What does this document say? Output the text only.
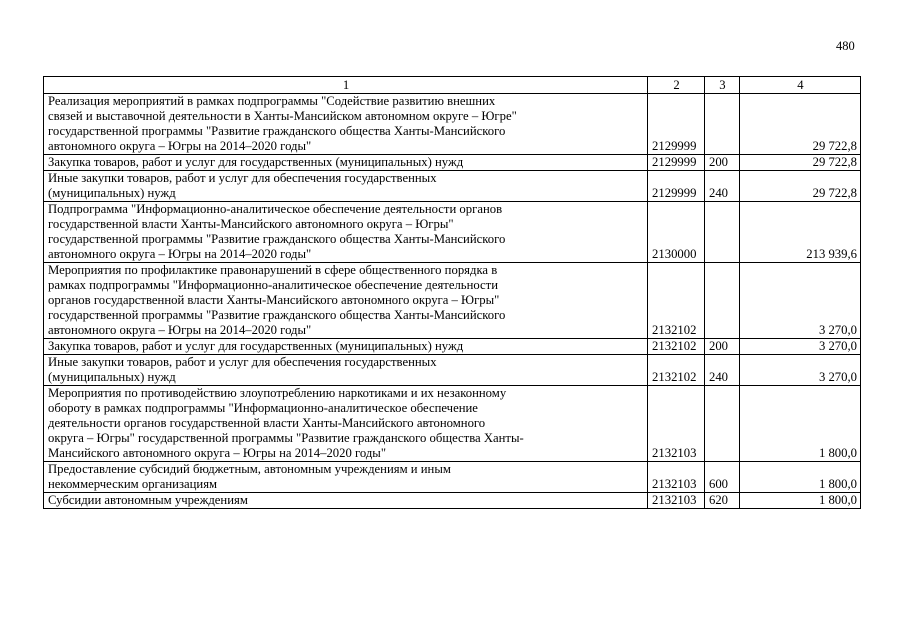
480
1	2	3	4

Реализация мероприятий в рамках подпрограммы "Содействие развитию внешних
связей и выставочной деятельности в Ханты-Мансийском автономном округе – Югре"
государственной программы "Развитие гражданского общества Ханты-Мансийского
автономного округа – Югры на 2014–2020 годы"	2129999		29 722,8

Закупка товаров, работ и услуг для государственных (муниципальных) нужд	2129999	200	29 722,8

Иные закупки товаров, работ и услуг для обеспечения государственных
(муниципальных) нужд	2129999	240	29 722,8

Подпрограмма "Информационно-аналитическое обеспечение деятельности органов
государственной власти Ханты-Мансийского автономного округа – Югры"
государственной программы "Развитие гражданского общества Ханты-Мансийского
автономного округа – Югры на 2014–2020 годы"	2130000		213 939,6

Мероприятия по профилактике правонарушений в сфере общественного порядка в
рамках подпрограммы "Информационно-аналитическое обеспечение деятельности
органов государственной власти Ханты-Мансийского автономного округа – Югры"
государственной программы "Развитие гражданского общества Ханты-Мансийского
автономного округа – Югры на 2014–2020 годы"	2132102		3 270,0

Закупка товаров, работ и услуг для государственных (муниципальных) нужд	2132102	200	3 270,0

Иные закупки товаров, работ и услуг для обеспечения государственных
(муниципальных) нужд	2132102	240	3 270,0

Мероприятия по противодействию злоупотреблению наркотиками и их незаконному
обороту в рамках подпрограммы "Информационно-аналитическое обеспечение
деятельности органов государственной власти Ханты-Мансийского автономного
округа – Югры" государственной программы "Развитие гражданского общества Ханты-
Мансийского автономного округа – Югры на 2014–2020 годы"	2132103		1 800,0

Предоставление субсидий бюджетным, автономным учреждениям и иным
некоммерческим организациям	2132103	600	1 800,0

Субсидии автономным учреждениям	2132103	620	1 800,0
